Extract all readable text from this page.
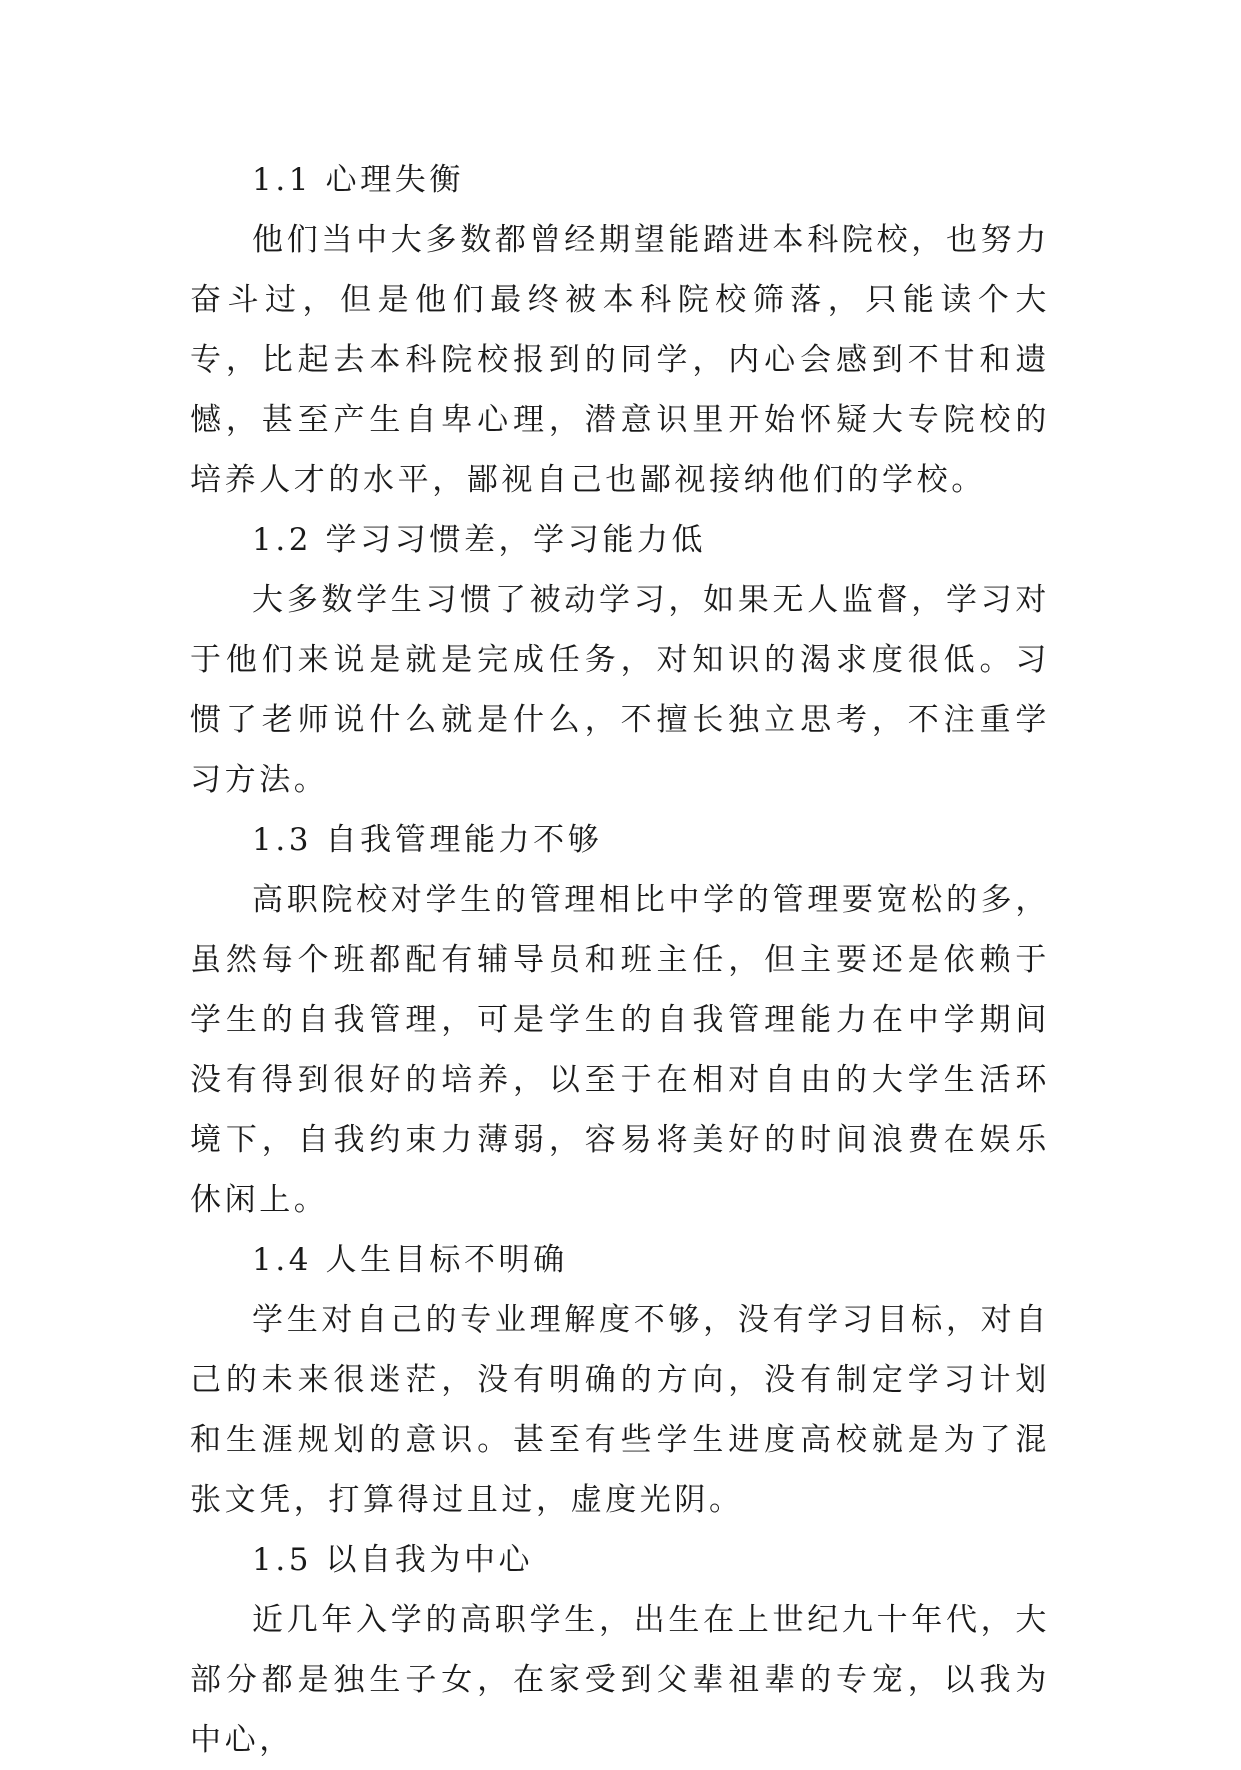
1.1 心理失衡

他们当中大多数都曾经期望能踏进本科院校，也努力奋斗过，但是他们最终被本科院校筛落，只能读个大专，比起去本科院校报到的同学，内心会感到不甘和遗憾，甚至产生自卑心理，潜意识里开始怀疑大专院校的培养人才的水平，鄙视自己也鄙视接纳他们的学校。

1.2 学习习惯差，学习能力低

大多数学生习惯了被动学习，如果无人监督，学习对于他们来说是就是完成任务，对知识的渴求度很低。习惯了老师说什么就是什么，不擅长独立思考，不注重学习方法。

1.3 自我管理能力不够

高职院校对学生的管理相比中学的管理要宽松的多，虽然每个班都配有辅导员和班主任，但主要还是依赖于学生的自我管理，可是学生的自我管理能力在中学期间没有得到很好的培养，以至于在相对自由的大学生活环境下，自我约束力薄弱，容易将美好的时间浪费在娱乐休闲上。

1.4 人生目标不明确

学生对自己的专业理解度不够，没有学习目标，对自己的未来很迷茫，没有明确的方向，没有制定学习计划和生涯规划的意识。甚至有些学生进度高校就是为了混张文凭，打算得过且过，虚度光阴。

1.5 以自我为中心

近几年入学的高职学生，出生在上世纪九十年代，大部分都是独生子女，在家受到父辈祖辈的专宠，以我为中心，
